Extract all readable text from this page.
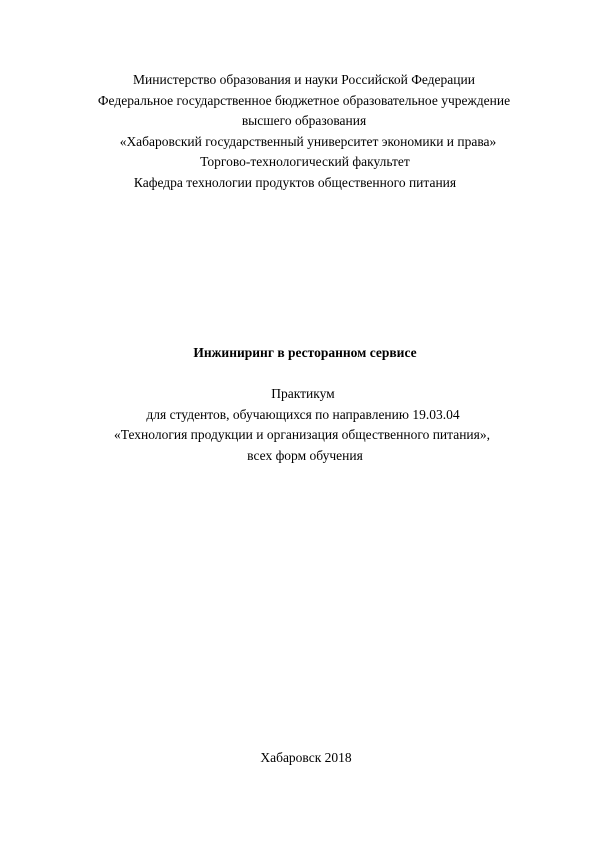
Министерство образования и науки Российской Федерации
Федеральное государственное бюджетное образовательное учреждение
высшего образования
«Хабаровский государственный университет экономики и права»
Торгово-технологический факультет
Кафедра технологии продуктов общественного питания
Инжиниринг в ресторанном сервисе
Практикум
для студентов, обучающихся по направлению 19.03.04
«Технология продукции и организация общественного питания»,
всех форм обучения
Хабаровск 2018
